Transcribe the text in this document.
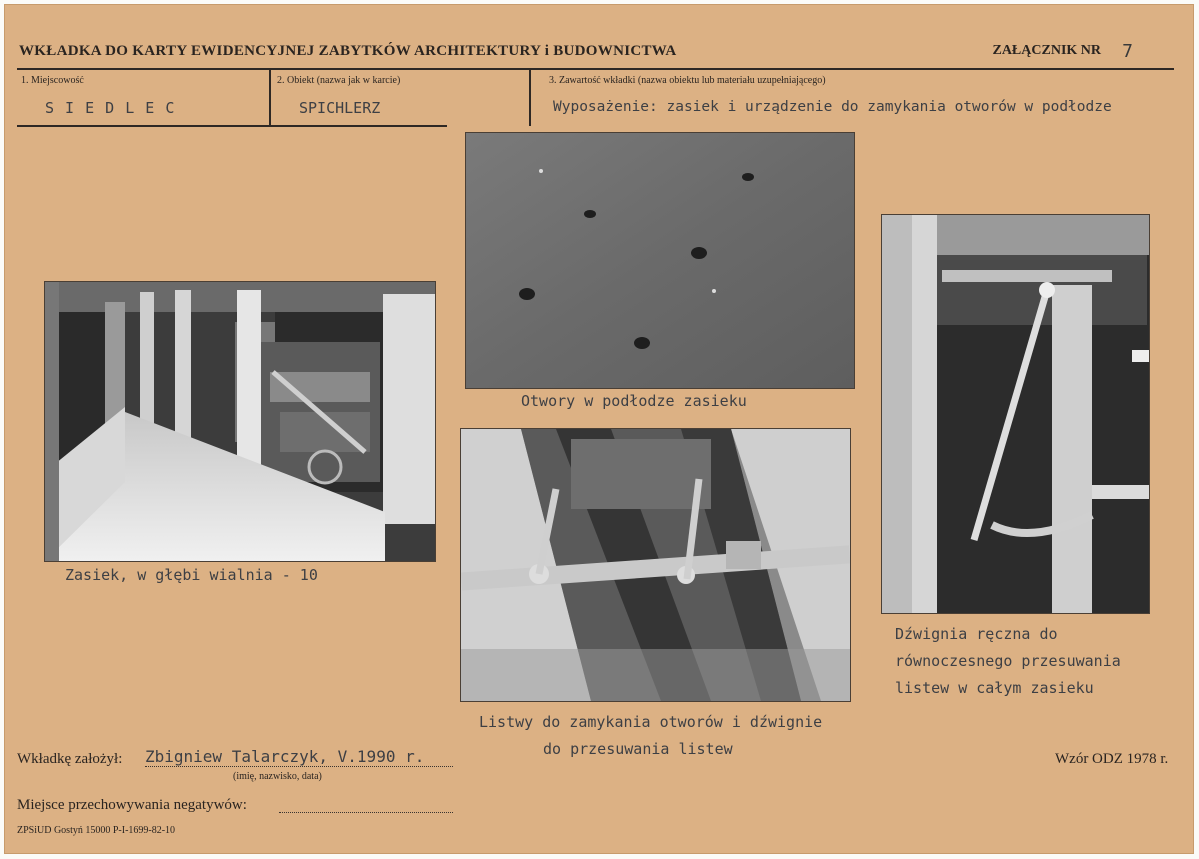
WKŁADKA DO KARTY EWIDENCYJNEJ ZABYTKÓW ARCHITEKTURY i BUDOWNICTWA	ZAŁĄCZNIK NR 7
1. Miejscowość
S I E D L E C
2. Obiekt (nazwa jak w karcie)
SPICHLERZ
3. Zawartość wkładki (nazwa obiektu lub materiału uzupełniającego)
Wyposażenie: zasiek i urządzenie do zamykania otworów w podłodze
Zasiek, w głębi wialnia - 10
Otwory w podłodze zasieku
Listwy do zamykania otworów i dźwignie
do przesuwania listew
Dźwignia ręczna do
równoczesnego przesuwania
listew w całym zasieku
Wkładkę założył: Zbigniew Talarczyk, V.1990 r.
(imię, nazwisko, data)
Wzór ODZ 1978 r.
Miejsce przechowywania negatywów:
ZPSiUD Gostyń 15000 P-I-1699-82-10
